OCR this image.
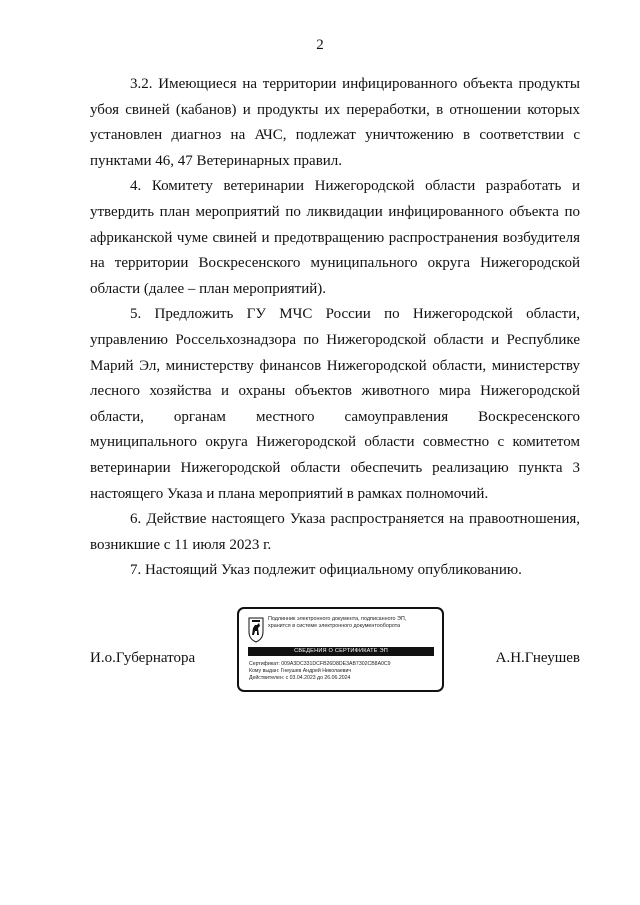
2

3.2. Имеющиеся на территории инфицированного объекта продукты убоя свиней (кабанов) и продукты их переработки, в отношении которых установлен диагноз на АЧС, подлежат уничтожению в соответствии с пунктами 46, 47 Ветеринарных правил.

4. Комитету ветеринарии Нижегородской области разработать и утвердить план мероприятий по ликвидации инфицированного объекта по африканской чуме свиней и предотвращению распространения возбудителя на территории Воскресенского муниципального округа Нижегородской области (далее – план мероприятий).

5. Предложить ГУ МЧС России по Нижегородской области, управлению Россельхознадзора по Нижегородской области и Республике Марий Эл, министерству финансов Нижегородской области, министерству лесного хозяйства и охраны объектов животного мира Нижегородской области, органам местного самоуправления Воскресенского муниципального округа Нижегородской области совместно с комитетом ветеринарии Нижегородской области обеспечить реализацию пункта 3 настоящего Указа и плана мероприятий в рамках полномочий.

6. Действие настоящего Указа распространяется на правоотношения, возникшие с 11 июля 2023 г.

7. Настоящий Указ подлежит официальному опубликованию.

И.о.Губернатора	А.Н.Гнеушев
Подлинник электронного документа, подписанного ЭП,
хранится в системе электронного документооборота
СВЕДЕНИЯ О СЕРТИФИКАТЕ ЭП
Сертификат: 009A3DC331DCFB26D8DE3AB7302CB8A0C9
Кому выдан: Гнеушев Андрей Николаевич
Действителен: с 03.04.2023 до 26.06.2024
